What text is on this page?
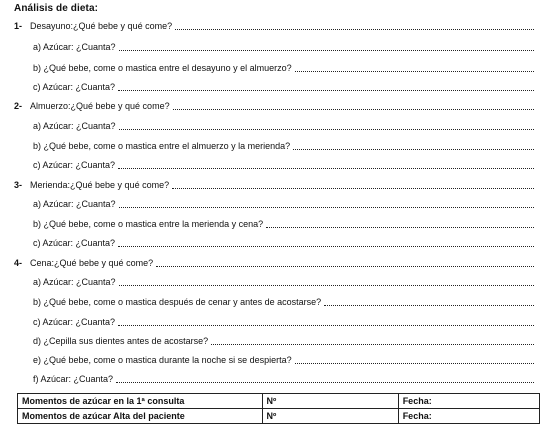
Análisis de dieta:
1- Desayuno:¿Qué bebe y qué come?
a) Azúcar: ¿Cuanta?
b) ¿Qué bebe, come o mastica entre el desayuno y el almuerzo?
c) Azúcar: ¿Cuanta?
2- Almuerzo:¿Qué bebe y qué come?
a) Azúcar: ¿Cuanta?
b) ¿Qué bebe, come o mastica entre el almuerzo y la merienda?
c) Azúcar: ¿Cuanta?
3- Merienda:¿Qué bebe y qué come?
a) Azúcar: ¿Cuanta?
b) ¿Qué bebe, come o mastica entre la merienda y cena?
c) Azúcar: ¿Cuanta?
4- Cena:¿Qué bebe y qué come?
a) Azúcar: ¿Cuanta?
b) ¿Qué bebe, come o mastica después de cenar y antes de acostarse?
c) Azúcar: ¿Cuanta?
d) ¿Cepilla sus dientes antes de acostarse?
e) ¿Qué bebe, come o mastica durante la noche si se despierta?
f) Azúcar: ¿Cuanta?
Momentos de azúcar en la 1ª consulta	Nº	Fecha:
Momentos de azúcar Alta del paciente	Nº	Fecha:
